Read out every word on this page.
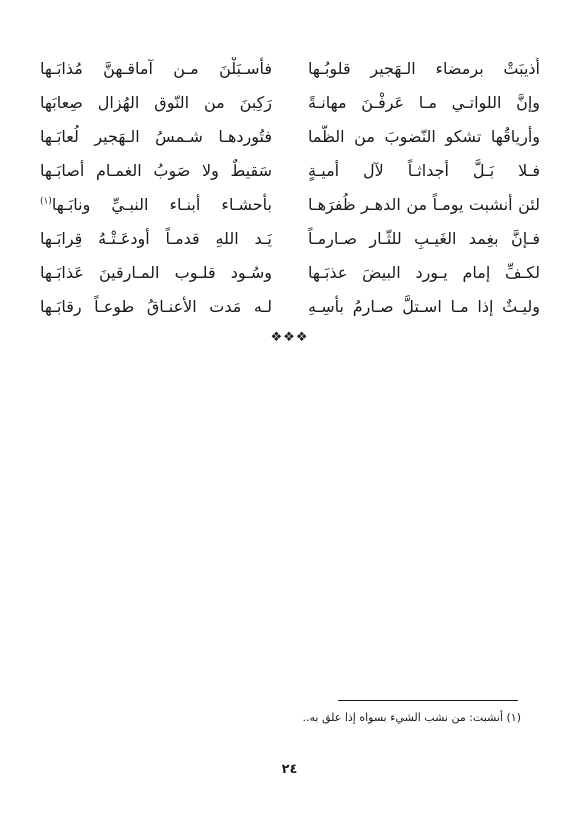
أُذيبَتْ برمضاء الـهَجير قلوبُـها
فأسـبَلْنَ مـن آماقـهنَّ مُذابَـها
وإنَّ اللواتـي مـا عَرفْـنَ مهانـةً
رَكِبنَ من النّوق الهُزال صِعابَها
وأرياقُها تشكو النّضوبَ من الظّما
فتُوردهـا شـمسُ الـهَجير لُعابَـها
فـلا بَـلَّ أجداثـاً لآل أميـةٍ
سَقيطٌ ولا صَوبُ الغمـام أصابَـها
لئن أنشبت يومـاً من الدهـر ظُفرَهـا
بأحشـاء أبنـاء النبـيِّ ونابَـها$^{(١)}$
فـإنَّ بغِمد الغَيـبِ للثّـار صـارمـاً
يَـد اللهِ قدمـاً أودعَـتْـهُ قِرابَـها
لكـفِّ إمام يـورد البيضَ عذبَـها
وسُـود قلـوب المـارقينَ عَذابَـها
وليـثٌ إذا مـا اسـتلَّ صـارمُ بأسِـهِ
لـه مَدت الأعنـاقُ طوعـاً رقابَـها
❖❖❖
(١) أنشبت: من نشب الشيء بسواه إذا علق به..
٢٤
